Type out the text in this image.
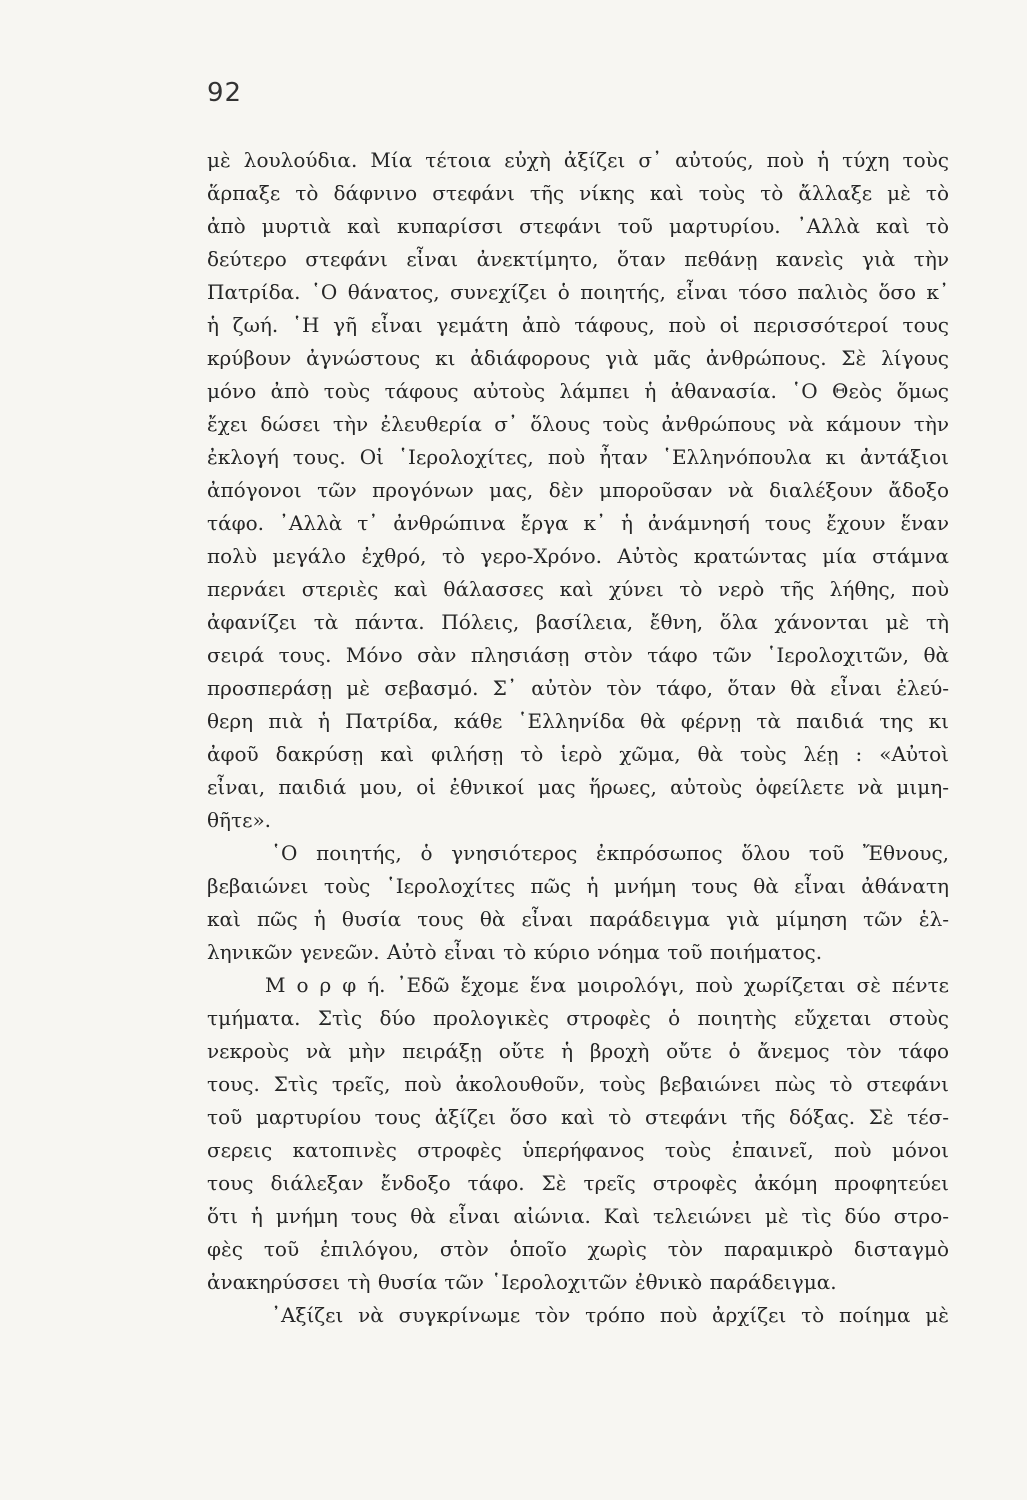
92
μὲ λουλούδια. Μία τέτοια εὐχὴ ἀξίζει σ᾿ αὐτούς, ποὺ ἡ τύχη τοὺς
ἅρπαξε τὸ δάφνινο στεφάνι τῆς νίκης καὶ τοὺς τὸ ἄλλαξε μὲ τὸ
ἀπὸ μυρτιὰ καὶ κυπαρίσσι στεφάνι τοῦ μαρτυρίου. ᾿Αλλὰ καὶ τὸ
δεύτερο στεφάνι εἶναι ἀνεκτίμητο, ὅταν πεθάνῃ κανεὶς γιὰ τὴν
Πατρίδα. ῾Ο θάνατος, συνεχίζει ὁ ποιητής, εἶναι τόσο παλιὸς ὅσο κ᾿
ἡ ζωή. ῾Η γῆ εἶναι γεμάτη ἀπὸ τάφους, ποὺ οἱ περισσότεροί τους
κρύβουν ἀγνώστους κι ἀδιάφορους γιὰ μᾶς ἀνθρώπους. Σὲ λίγους
μόνο ἀπὸ τοὺς τάφους αὐτοὺς λάμπει ἡ ἀθανασία. ῾Ο Θεὸς ὅμως
ἔχει δώσει τὴν ἐλευθερία σ᾿ ὅλους τοὺς ἀνθρώπους νὰ κάμουν τὴν
ἐκλογή τους. Οἱ ῾Ιερολοχίτες, ποὺ ἦταν ῾Ελληνόπουλα κι ἀντάξιοι
ἀπόγονοι τῶν προγόνων μας, δὲν μποροῦσαν νὰ διαλέξουν ἄδοξο
τάφο. ᾿Αλλὰ τ᾿ ἀνθρώπινα ἔργα κ᾿ ἡ ἀνάμνησή τους ἔχουν ἕναν
πολὺ μεγάλο ἐχθρό, τὸ γερο-Χρόνο. Αὐτὸς κρατώντας μία στάμνα
περνάει στεριὲς καὶ θάλασσες καὶ χύνει τὸ νερὸ τῆς λήθης, ποὺ
ἀφανίζει τὰ πάντα. Πόλεις, βασίλεια, ἔθνη, ὅλα χάνονται μὲ τὴ
σειρά τους. Μόνο σὰν πλησιάσῃ στὸν τάφο τῶν ῾Ιερολοχιτῶν, θὰ
προσπεράσῃ μὲ σεβασμό. Σ᾿ αὐτὸν τὸν τάφο, ὅταν θὰ εἶναι ἐλεύ-
θερη πιὰ ἡ Πατρίδα, κάθε ῾Ελληνίδα θὰ φέρνῃ τὰ παιδιά της κι
ἀφοῦ δακρύσῃ καὶ φιλήσῃ τὸ ἱερὸ χῶμα, θὰ τοὺς λέῃ : «Αὐτοὶ
εἶναι, παιδιά μου, οἱ ἐθνικοί μας ἥρωες, αὐτοὺς ὀφείλετε νὰ μιμη-
θῆτε».
῾Ο ποιητής, ὁ γνησιότερος ἐκπρόσωπος ὅλου τοῦ Ἔθνους,
βεβαιώνει τοὺς ῾Ιερολοχίτες πῶς ἡ μνήμη τους θὰ εἶναι ἀθάνατη
καὶ πῶς ἡ θυσία τους θὰ εἶναι παράδειγμα γιὰ μίμηση τῶν ἑλ-
ληνικῶν γενεῶν. Αὐτὸ εἶναι τὸ κύριο νόημα τοῦ ποιήματος.
Μ ο ρ φ ή. ᾿Εδῶ ἔχομε ἕνα μοιρολόγι, ποὺ χωρίζεται σὲ πέντε
τμήματα. Στὶς δύο προλογικὲς στροφὲς ὁ ποιητὴς εὔχεται στοὺς
νεκροὺς νὰ μὴν πειράξῃ οὔτε ἡ βροχὴ οὔτε ὁ ἄνεμος τὸν τάφο
τους. Στὶς τρεῖς, ποὺ ἀκολουθοῦν, τοὺς βεβαιώνει πὼς τὸ στεφάνι
τοῦ μαρτυρίου τους ἀξίζει ὅσο καὶ τὸ στεφάνι τῆς δόξας. Σὲ τέσ-
σερεις κατοπινὲς στροφὲς ὑπερήφανος τοὺς ἐπαινεῖ, ποὺ μόνοι
τους διάλεξαν ἔνδοξο τάφο. Σὲ τρεῖς στροφὲς ἀκόμη προφητεύει
ὅτι ἡ μνήμη τους θὰ εἶναι αἰώνια. Καὶ τελειώνει μὲ τὶς δύο στρο-
φὲς τοῦ ἐπιλόγου, στὸν ὁποῖο χωρὶς τὸν παραμικρὸ δισταγμὸ
ἀνακηρύσσει τὴ θυσία τῶν ῾Ιερολοχιτῶν ἐθνικὸ παράδειγμα.
᾿Αξίζει νὰ συγκρίνωμε τὸν τρόπο ποὺ ἀρχίζει τὸ ποίημα μὲ
